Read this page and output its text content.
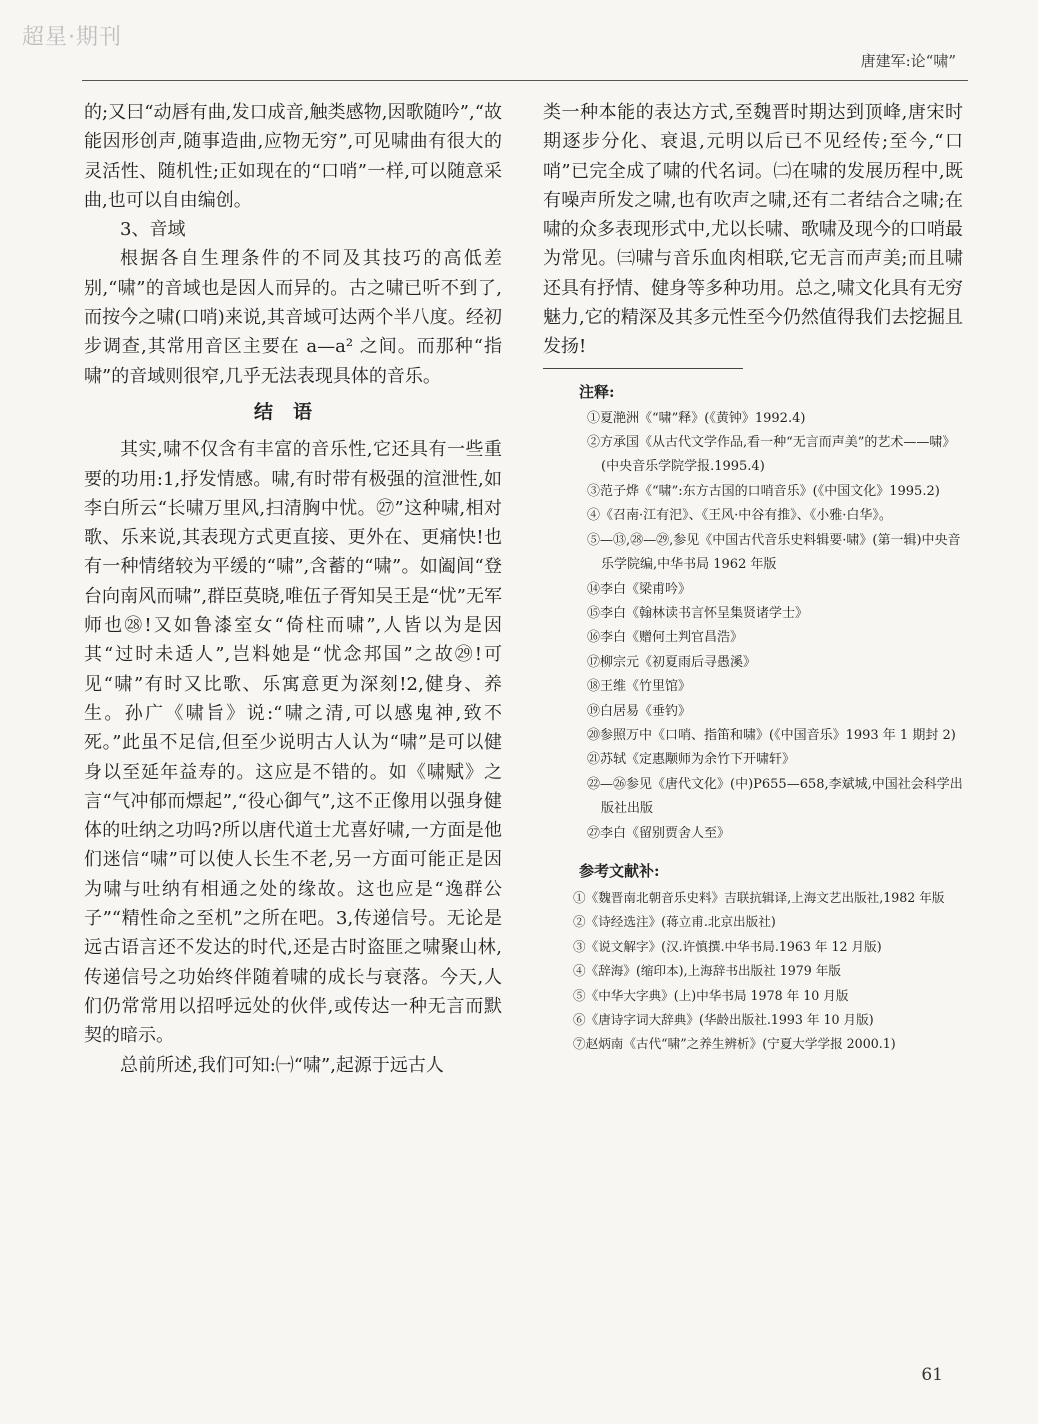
超星·期刊
唐建军:论“啸”

的;又曰“动唇有曲,发口成音,触类感物,因歌随吟”,“故能因形创声,随事造曲,应物无穷”,可见啸曲有很大的灵活性、随机性;正如现在的“口哨”一样,可以随意采曲,也可以自由编创。

3、音域

根据各自生理条件的不同及其技巧的高低差别,“啸”的音域也是因人而异的。古之啸已听不到了,而按今之啸(口哨)来说,其音域可达两个半八度。经初步调查,其常用音区主要在 a—a² 之间。而那种“指啸”的音域则很窄,几乎无法表现具体的音乐。

结语

其实,啸不仅含有丰富的音乐性,它还具有一些重要的功用:1,抒发情感。啸,有时带有极强的渲泄性,如李白所云“长啸万里风,扫清胸中忧。㉗”这种啸,相对歌、乐来说,其表现方式更直接、更外在、更痛快!也有一种情绪较为平缓的“啸”,含蓄的“啸”。如阖闾“登台向南风而啸”,群臣莫晓,唯伍子胥知吴王是“忧”无军师也㉘!又如鲁漆室女“倚柱而啸”,人皆以为是因其“过时未适人”,岂料她是“忧念邦国”之故㉙!可见“啸”有时又比歌、乐寓意更为深刻!2,健身、养生。孙广《啸旨》说:“啸之清,可以感鬼神,致不死。”此虽不足信,但至少说明古人认为“啸”是可以健身以至延年益寿的。这应是不错的。如《啸赋》之言“气冲郁而熛起”,“役心御气”,这不正像用以强身健体的吐纳之功吗?所以唐代道士尤喜好啸,一方面是他们迷信“啸”可以使人长生不老,另一方面可能正是因为啸与吐纳有相通之处的缘故。这也应是“逸群公子”“精性命之至机”之所在吧。3,传递信号。无论是远古语言还不发达的时代,还是古时盗匪之啸聚山林,传递信号之功始终伴随着啸的成长与衰落。今天,人们仍常常用以招呼远处的伙伴,或传达一种无言而默契的暗示。

总前所述,我们可知:㈠“啸”,起源于远古人

类一种本能的表达方式,至魏晋时期达到顶峰,唐宋时期逐步分化、衰退,元明以后已不见经传;至今,“口哨”已完全成了啸的代名词。㈡在啸的发展历程中,既有噪声所发之啸,也有吹声之啸,还有二者结合之啸;在啸的众多表现形式中,尤以长啸、歌啸及现今的口哨最为常见。㈢啸与音乐血肉相联,它无言而声美;而且啸还具有抒情、健身等多种功用。总之,啸文化具有无穷魅力,它的精深及其多元性至今仍然值得我们去挖掘且发扬!

注释:

①夏滟洲《“啸”释》(《黄钟》1992.4)

②方承国《从古代文学作品,看一种“无言而声美”的艺术——啸》(中央音乐学院学报.1995.4)

③范子烨《“啸”:东方古国的口哨音乐》(《中国文化》1995.2)

④《召南·江有汜》、《王风·中谷有推》、《小雅·白华》。

⑤—⑬,㉘—㉙,参见《中国古代音乐史料辑要·啸》(第一辑)中央音乐学院编,中华书局 1962 年版

⑭李白《梁甫吟》

⑮李白《翰林读书言怀呈集贤诸学士》

⑯李白《赠何土判官昌浩》

⑰柳宗元《初夏雨后寻愚溪》

⑱王维《竹里馆》

⑲白居易《垂钓》

⑳参照万中《口哨、指笛和啸》(《中国音乐》1993 年 1 期封 2)

㉑苏轼《定惠颙师为余竹下开啸轩》

㉒—㉖参见《唐代文化》(中)P655—658,李斌城,中国社会科学出版社出版

㉗李白《留别贾舍人至》

参考文献补:

①《魏晋南北朝音乐史料》吉联抗辑译,上海文艺出版社,1982 年版

②《诗经选注》(蒋立甫.北京出版社)

③《说文解字》(汉.许慎撰.中华书局.1963 年 12 月版)

④《辞海》(缩印本),上海辞书出版社 1979 年版

⑤《中华大字典》(上)中华书局 1978 年 10 月版

⑥《唐诗字词大辞典》(华龄出版社.1993 年 10 月版)

⑦赵炳南《古代“啸”之养生辨析》(宁夏大学学报 2000.1)

61
